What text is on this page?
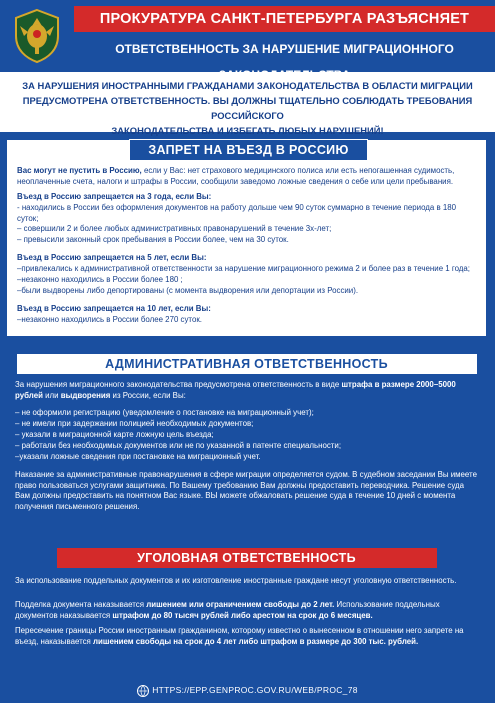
ПРОКУРАТУРА САНКТ-ПЕТЕРБУРГА РАЗЪЯСНЯЕТ
ОТВЕТСТВЕННОСТЬ ЗА НАРУШЕНИЕ МИГРАЦИОННОГО
ЗА НАРУШЕНИЯ ИНОСТРАННЫМИ ГРАЖДАНАМИ ЗАКОНОДАТЕЛЬСТВА В ОБЛАСТИ МИГРАЦИИ
ПРЕДУСМОТРЕНА ОТВЕТСТВЕННОСТЬ. ВЫ ДОЛЖНЫ ТЩАТЕЛЬНО СОБЛЮДАТЬ ТРЕБОВАНИЯ РОССИЙСКОГО
ЗАКОНОДАТЕЛЬСТВА И ИЗБЕГАТЬ ЛЮБЫХ НАРУШЕНИЙ!
ЗАПРЕТ НА ВЪЕЗД В РОССИЮ
Вас могут не пустить в Россию, если у Вас: нет страхового медицинского полиса или есть непогашенная судимость, неоплаченные счета, налоги и штрафы в России, сообщили заведомо ложные сведения о себе или цели пребывания.
Въезд в Россию запрещается на 3 года, если Вы:
- находились в России без оформления документов на работу дольше чем 90 суток суммарно в течение периода в 180 суток;
– совершили 2 и более любых административных правонарушений в течение 3х-лет;
– превысили законный срок пребывания в России более, чем на 30 суток.
Въезд в Россию запрещается на 5 лет, если Вы:
–привлекались к административной ответственности за нарушение миграционного режима 2 и более раз в течение 1 года;
–незаконно находились в России более 180 ;
–были выдворены либо депортированы (с момента выдворения или депортации из России).
Въезд в Россию запрещается на 10 лет, если Вы:
–незаконно находились в России более 270 суток.
АДМИНИСТРАТИВНАЯ ОТВЕТСТВЕННОСТЬ
За нарушения миграционного законодательства предусмотрена ответственность в виде штрафа в размере 2000–5000 рублей или выдворения из России, если Вы:
– не оформили регистрацию (уведомление о постановке на миграционный учет);
– не имели при задержании полицией необходимых документов;
– указали в миграционной карте ложную цель въезда;
– работали без необходимых документов или не по указанной в патенте специальности;
–указали ложные сведения при постановке на миграционный учет.
Наказание за административные правонарушения в сфере миграции определяется судом. В судебном заседании Вы имеете право пользоваться услугами защитника. По Вашему требованию Вам должны предоставить переводчика. Решение суда Вам должны предоставить на понятном Вас языке. ВЫ можете обжаловать решение суда в течение 10 дней с момента получения письменного решения.
УГОЛОВНАЯ ОТВЕТСТВЕННОСТЬ
За использование поддельных документов и их изготовление иностранные граждане несут уголовную ответственность.
Подделка документа наказывается лишением или ограничением свободы до 2 лет. Использование поддельных документов наказывается штрафом до 80 тысяч рублей либо арестом на срок до 6 месяцев.
Пересечение границы России иностранным гражданином, которому известно о вынесенном в отношении него запрете на въезд, наказывается лишением свободы на срок до 4 лет либо штрафом в размере до 300 тыс. рублей.
HTTPS://EPP.GENPROC.GOV.RU/WEB/PROC_78
